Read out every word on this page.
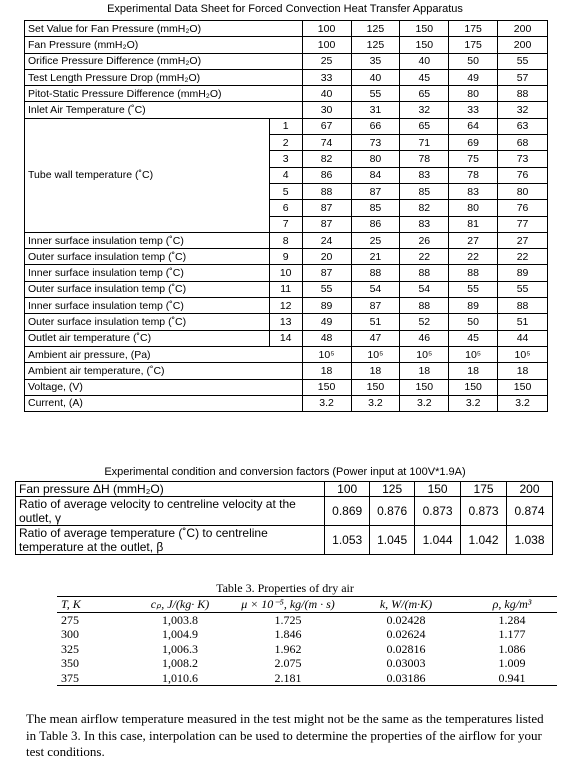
Experimental Data Sheet for Forced Convection Heat Transfer Apparatus
Set Value for Fan Pressure (mmH₂O)		100	125	150	175	200
Fan Pressure (mmH₂O)		100	125	150	175	200
Orifice Pressure Difference (mmH₂O)		25	35	40	50	55
Test Length Pressure Drop (mmH₂O)		33	40	45	49	57
Pitot-Static Pressure Difference (mmH₂O)		40	55	65	80	88
Inlet Air Temperature (˚C)		30	31	32	33	32
Tube wall temperature (˚C)	1	67	66	65	64	63
	2	74	73	71	69	68
	3	82	80	78	75	73
	4	86	84	83	78	76
	5	88	87	85	83	80
	6	87	85	82	80	76
	7	87	86	83	81	77
Inner surface insulation temp (˚C)	8	24	25	26	27	27
Outer surface insulation temp (˚C)	9	20	21	22	22	22
Inner surface insulation temp (˚C)	10	87	88	88	88	89
Outer surface insulation temp (˚C)	11	55	54	54	55	55
Inner surface insulation temp (˚C)	12	89	87	88	89	88
Outer surface insulation temp (˚C)	13	49	51	52	50	51
Outlet air temperature (˚C)	14	48	47	46	45	44
Ambient air pressure, (Pa)		10⁵	10⁵	10⁵	10⁵	10⁵
Ambient air temperature, (˚C)		18	18	18	18	18
Voltage, (V)		150	150	150	150	150
Current, (A)		3.2	3.2	3.2	3.2	3.2
Experimental condition and conversion factors (Power input at 100V*1.9A)
Fan pressure ΔH (mmH₂O)	100	125	150	175	200
Ratio of average velocity to centreline velocity at the outlet, γ	0.869	0.876	0.873	0.873	0.874
Ratio of average temperature (˚C) to centreline temperature at the outlet, β	1.053	1.045	1.044	1.042	1.038
Table 3. Properties of dry air
T, K	cₚ, J/(kg· K)	μ × 10⁻⁵, kg/(m · s)	k, W/(m·K)	ρ, kg/m³
275	1,003.8	1.725	0.02428	1.284
300	1,004.9	1.846	0.02624	1.177
325	1,006.3	1.962	0.02816	1.086
350	1,008.2	2.075	0.03003	1.009
375	1,010.6	2.181	0.03186	0.941
The mean airflow temperature measured in the test might not be the same as the temperatures listed in Table 3. In this case, interpolation can be used to determine the properties of the airflow for your test conditions.
